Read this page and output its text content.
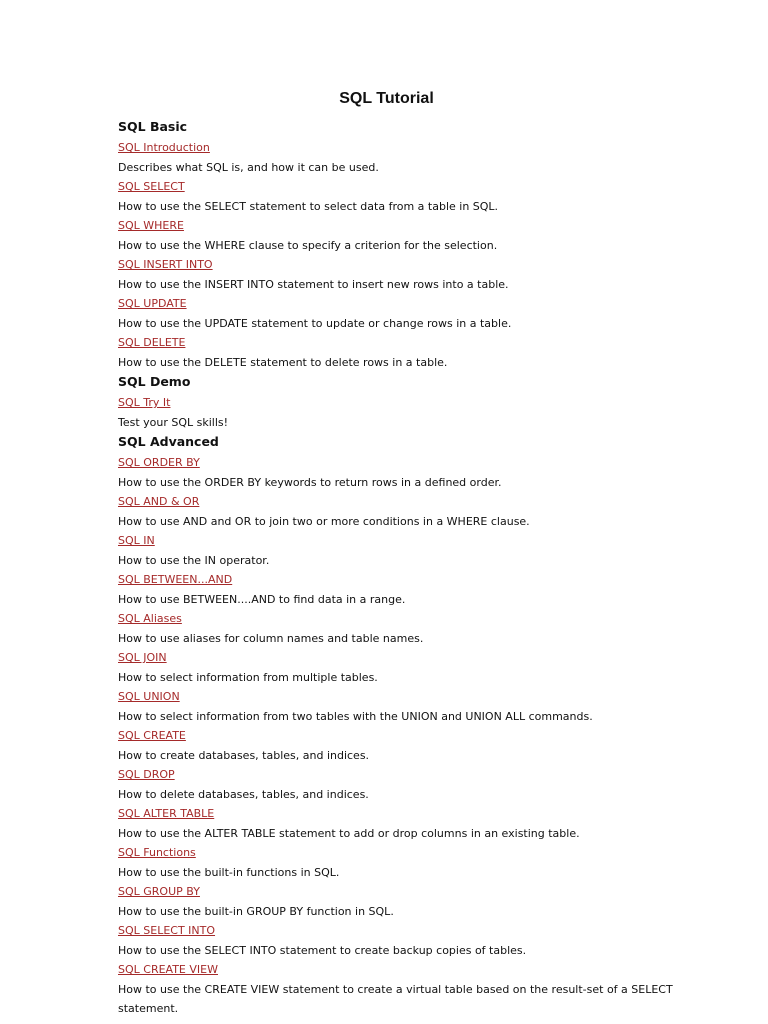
SQL Tutorial
SQL Basic
SQL Introduction

Describes what SQL is, and how it can be used.

SQL SELECT

How to use the SELECT statement to select data from a table in SQL.

SQL WHERE

How to use the WHERE clause to specify a criterion for the selection.

SQL INSERT INTO

How to use the INSERT INTO statement to insert new rows into a table.

SQL UPDATE

How to use the UPDATE statement to update or change rows in a table.

SQL DELETE

How to use the DELETE statement to delete rows in a table.

SQL Demo
SQL Try It

Test your SQL skills!

SQL Advanced
SQL ORDER BY

How to use the ORDER BY keywords to return rows in a defined order.

SQL AND & OR

How to use AND and OR to join two or more conditions in a WHERE clause.

SQL IN

How to use the IN operator.

SQL BETWEEN...AND

How to use BETWEEN....AND to find data in a range.

SQL Aliases

How to use aliases for column names and table names.

SQL JOIN

How to select information from multiple tables.

SQL UNION

How to select information from two tables with the UNION and UNION ALL commands.

SQL CREATE

How to create databases, tables, and indices.

SQL DROP

How to delete databases, tables, and indices.

SQL ALTER TABLE

How to use the ALTER TABLE statement to add or drop columns in an existing table.

SQL Functions

How to use the built-in functions in SQL.

SQL GROUP BY

How to use the built-in GROUP BY function in SQL.

SQL SELECT INTO

How to use the SELECT INTO statement to create backup copies of tables.

SQL CREATE VIEW

How to use the CREATE VIEW statement to create a virtual table based on the result-set of a SELECT statement.
